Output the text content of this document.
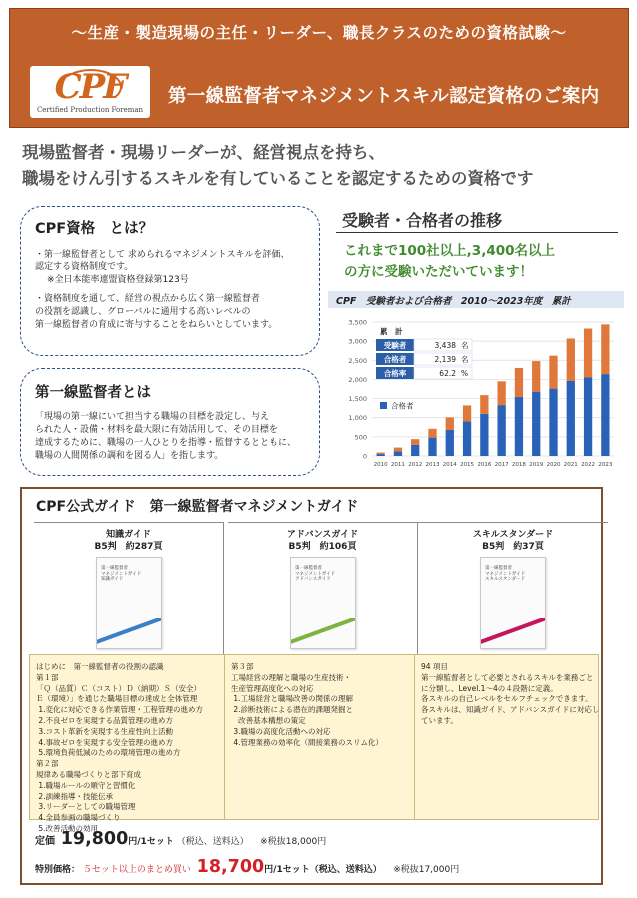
〜生産・製造現場の主任・リーダー、職長クラスのための資格試験〜
CPF
Certified Production Foreman
第一線監督者マネジメントスキル認定資格のご案内
現場監督者・現場リーダーが、経営視点を持ち、
職場をけん引するスキルを有していることを認定するための資格です
CPF資格　とは？
・第一線監督者として 求められるマネジメントスキルを評価、
認定する資格制度です。
※全日本能率連盟資格登録第123号
・資格制度を通して、経営の視点から広く第一線監督者
の役割を認識し、グローバルに通用する高いレベルの
第一線監督者の育成に寄与することをねらいとしています。
第一線監督者とは
「現場の第一線にいて担当する職場の目標を設定し、与え
られた人・設備・材料を最大限に有効活用して、その目標を
達成するために、職場の一人ひとりを指導・監督するとともに、
職場の人間関係の調和を図る人」を指します。
受験者・合格者の推移
これまで100社以上,3,400名以上
の方に受験いただいています！
CPF　受験者および合格者　2010〜2023年度　累計
0
500
1,000
1,500
2,000
2,500
3,000
3,500
2010 2011 2012 2013 2014 2015 2016 2017 2018 2019 2020 2021 2022 2023
合格者
累　計
受験者	3,438 名
合格者	2,139 名
合格率	62.2 %
CPF公式ガイド　第一線監督者マネジメントガイド
知識ガイド
B5判　約287頁
第一線監督者
マネジメントガイド
知識ガイド
アドバンスガイド
B5判　約106頁
第一線監督者
マネジメントガイド
アドバンスガイド
スキルスタンダード
B5判　約37頁
第一線監督者
マネジメントガイド
スキルスタンダード
はじめに　第一線監督者の役割の認識
第１部
「Ｑ（品質）Ｃ（コスト）Ｄ（納期）Ｓ（安全）
Ｅ（環境）」を通じた職場目標の達成と全体管理
1.変化に対応できる作業管理・工程管理の進め方
2.不良ゼロを実現する品質管理の進め方
3.コスト革新を実現する生産性向上活動
4.事故ゼロを実現する安全管理の進め方
5.環境負荷低減のための環境管理の進め方
第２部
規律ある職場づくりと部下育成
1.職場ルールの順守と習慣化
2.訓練指導・技能伝承
3.リーダーとしての職場管理
4.全員参画の職場づくり
5.改善活動の効用
第３部
工場経営の理解と職場の生産技術・
生産管理高度化への対応
1.工場経営と職場改善の関係の理解
2.診断技術による潜在的課題発掘と
改善基本構想の策定
3.職場の高度化活動への対応
4.管理業務の効率化（間接業務のスリム化）
94 項目
第一線監督者として必要とされるスキルを業務ごと
に分類し、Level.1〜4の４段階に定義。
各スキルの自己レベルをセルフチェックできます。
各スキルは、知識ガイド、アドバンスガイドに対応し
ています。
定価 19,800円/1セット （税込、送料込） ※税抜18,000円
特別価格： ５セット以上のまとめ買い 18,700円/1セット（税込、送料込） ※税抜17,000円
